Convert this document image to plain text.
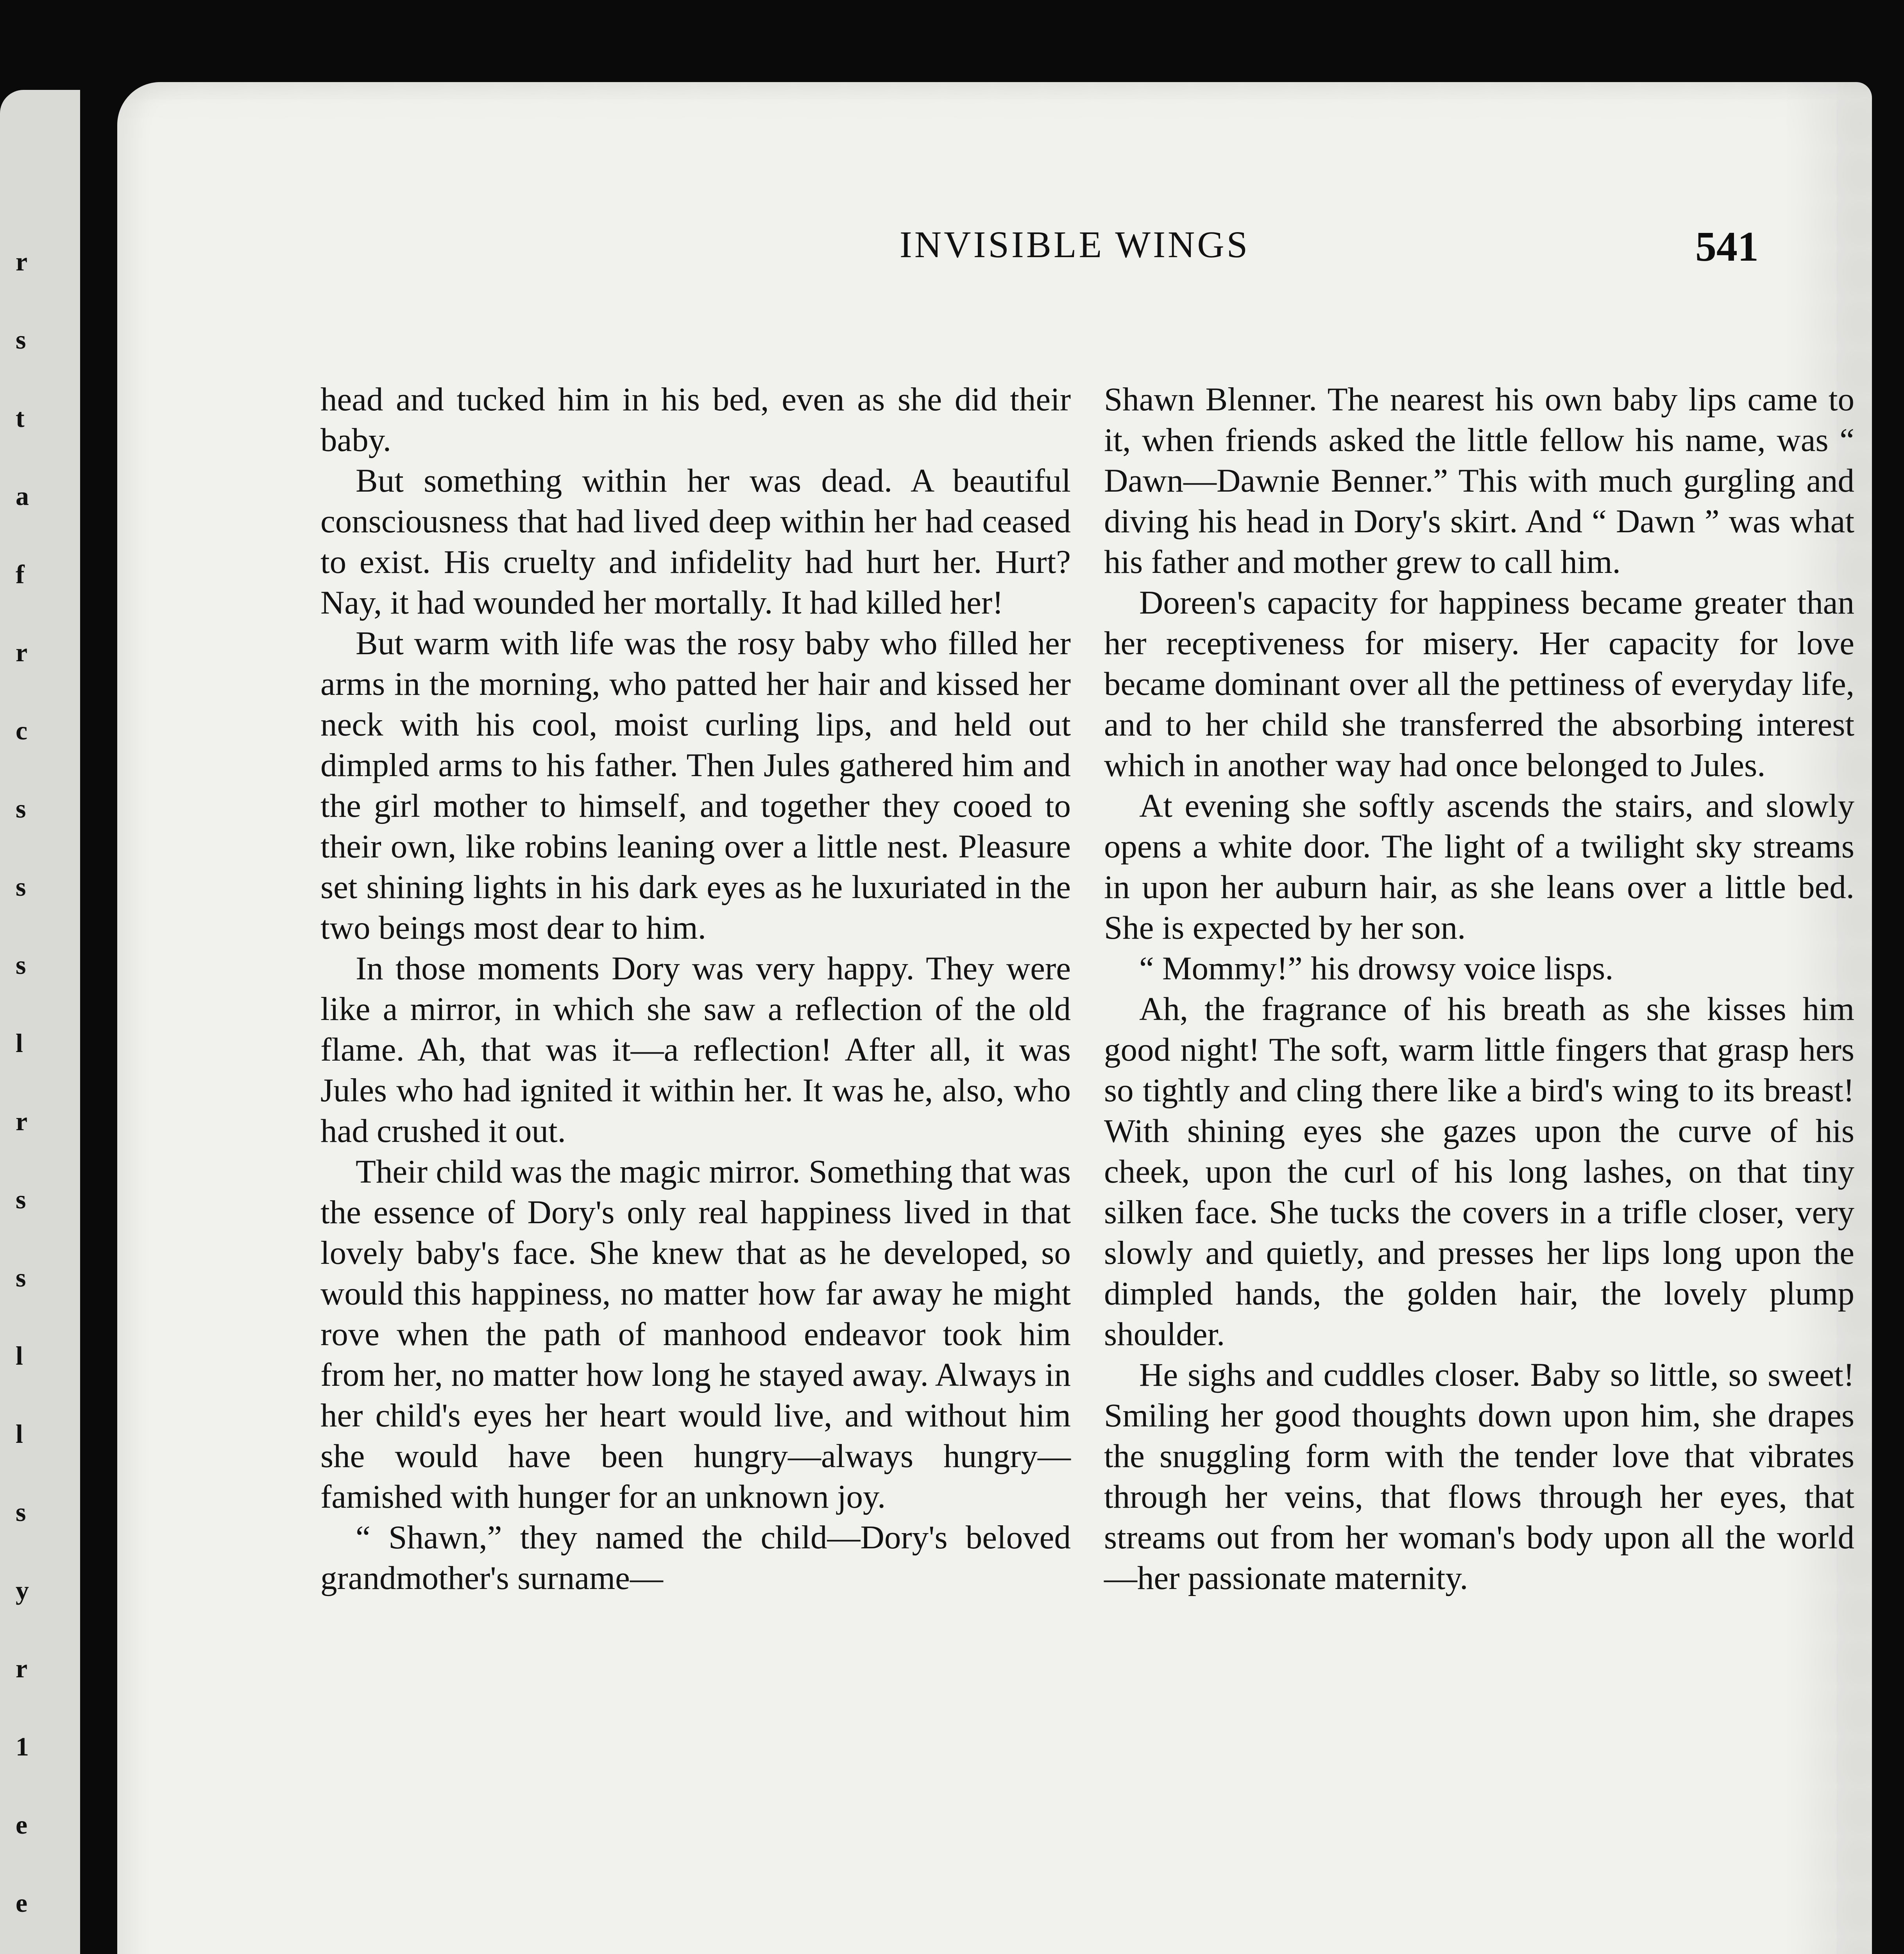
r
s
t
a
f
r
c
s
s
s
l
r
s
s
l
l
s
y
r
1
e
e
INVISIBLE WINGS	541

head and tucked him in his bed, even as she did their baby.

But something within her was dead. A beautiful consciousness that had lived deep within her had ceased to exist. His cruelty and infidelity had hurt her. Hurt? Nay, it had wounded her mortally. It had killed her!

But warm with life was the rosy baby who filled her arms in the morning, who patted her hair and kissed her neck with his cool, moist curling lips, and held out dimpled arms to his father. Then Jules gathered him and the girl mother to himself, and together they cooed to their own, like robins leaning over a little nest. Pleasure set shining lights in his dark eyes as he luxuriated in the two beings most dear to him.

In those moments Dory was very happy. They were like a mirror, in which she saw a reflection of the old flame. Ah, that was it—a reflection! After all, it was Jules who had ignited it within her. It was he, also, who had crushed it out.

Their child was the magic mirror. Something that was the essence of Dory's only real happiness lived in that lovely baby's face. She knew that as he developed, so would this happiness, no matter how far away he might rove when the path of manhood endeavor took him from her, no matter how long he stayed away. Always in her child's eyes her heart would live, and without him she would have been hungry—always hungry—famished with hunger for an unknown joy.

“ Shawn,” they named the child—Dory's beloved grandmother's surname—

Shawn Blenner. The nearest his own baby lips came to it, when friends asked the little fellow his name, was “ Dawn—Dawnie Benner.” This with much gurgling and diving his head in Dory's skirt. And “ Dawn ” was what his father and mother grew to call him.

Doreen's capacity for happiness became greater than her receptiveness for misery. Her capacity for love became dominant over all the pettiness of everyday life, and to her child she transferred the absorbing interest which in another way had once belonged to Jules.

At evening she softly ascends the stairs, and slowly opens a white door. The light of a twilight sky streams in upon her auburn hair, as she leans over a little bed. She is expected by her son.

“ Mommy!” his drowsy voice lisps.

Ah, the fragrance of his breath as she kisses him good night! The soft, warm little fingers that grasp hers so tightly and cling there like a bird's wing to its breast! With shining eyes she gazes upon the curve of his cheek, upon the curl of his long lashes, on that tiny silken face. She tucks the covers in a trifle closer, very slowly and quietly, and presses her lips long upon the dimpled hands, the golden hair, the lovely plump shoulder.

He sighs and cuddles closer. Baby so little, so sweet! Smiling her good thoughts down upon him, she drapes the snuggling form with the tender love that vibrates through her veins, that flows through her eyes, that streams out from her woman's body upon all the world—her passionate maternity.
